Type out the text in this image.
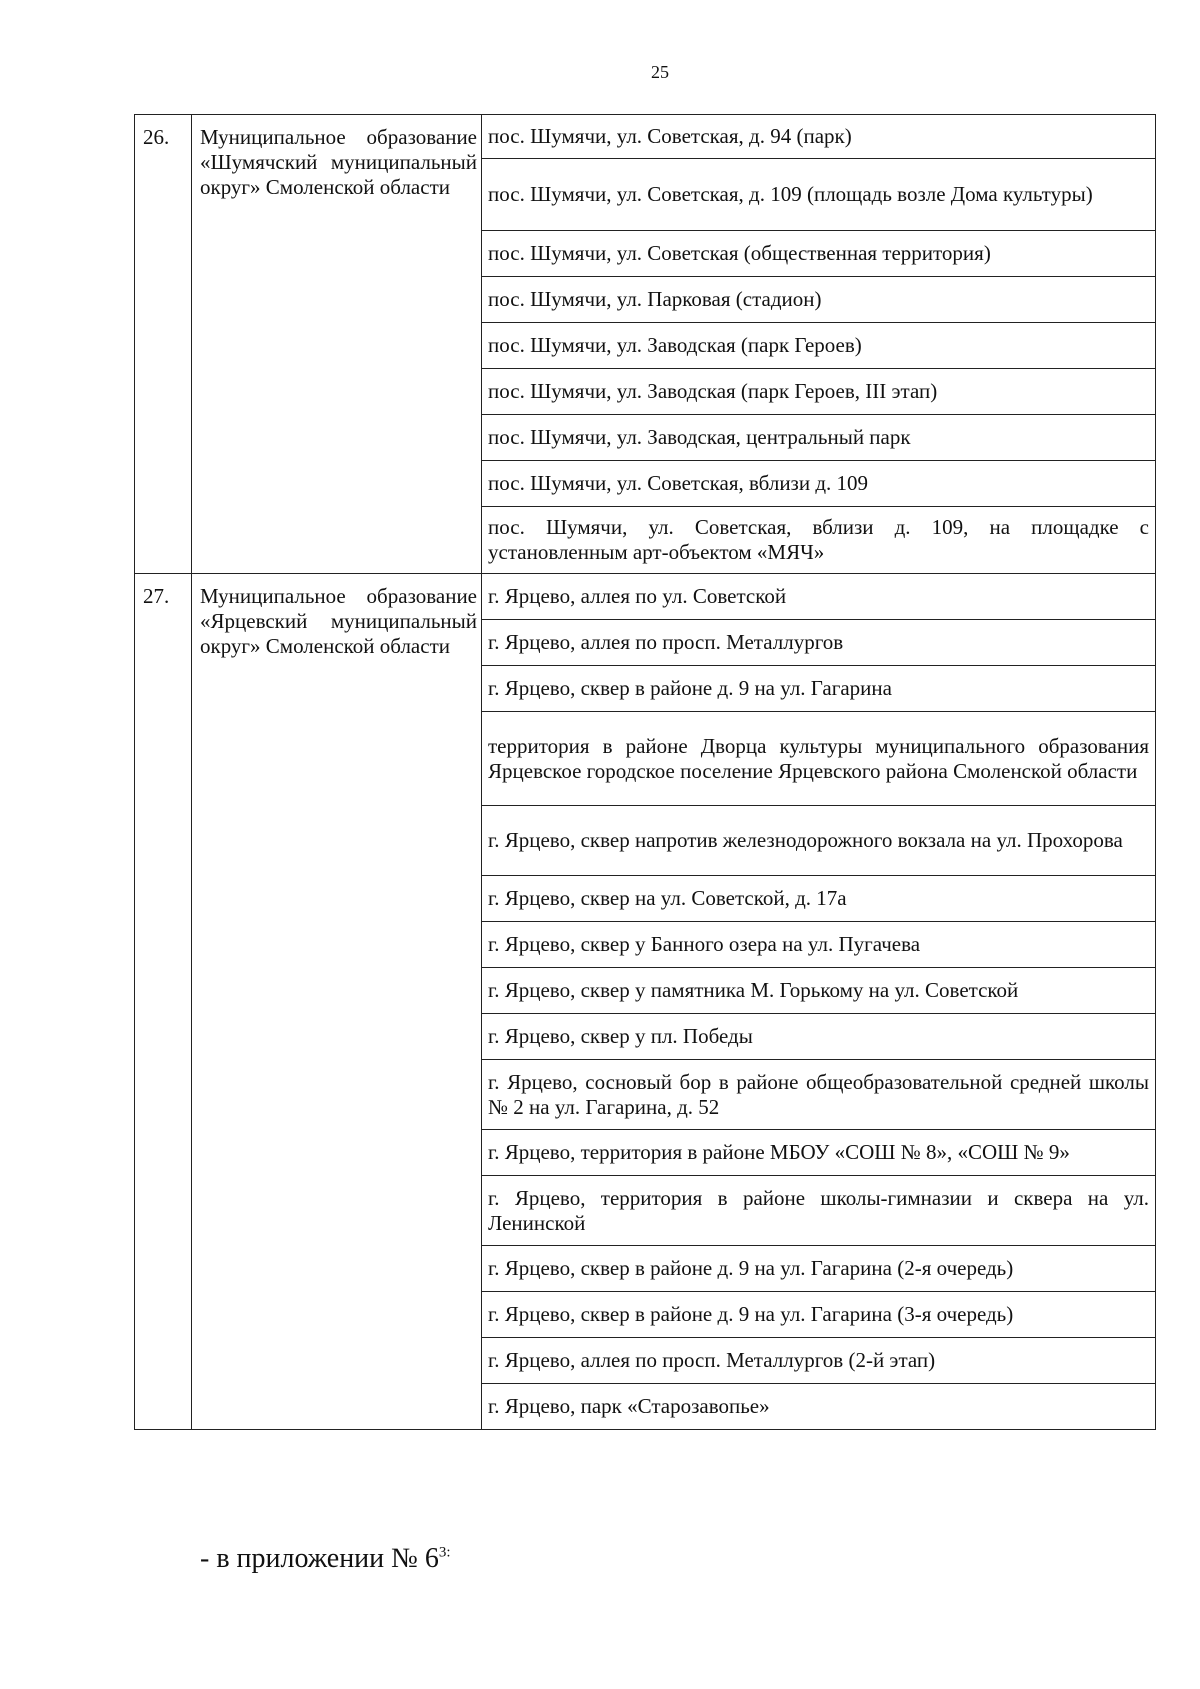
25
26.	Муниципальное образование «Шумячский муниципальный округ» Смоленской области	пос. Шумячи, ул. Советская, д. 94 (парк)
		пос. Шумячи, ул. Советская, д. 109 (площадь возле Дома культуры)
		пос. Шумячи, ул. Советская (общественная территория)
		пос. Шумячи, ул. Парковая (стадион)
		пос. Шумячи, ул. Заводская (парк Героев)
		пос. Шумячи, ул. Заводская (парк Героев, III этап)
		пос. Шумячи, ул. Заводская, центральный парк
		пос. Шумячи, ул. Советская, вблизи д. 109
		пос. Шумячи, ул. Советская, вблизи д. 109, на площадке с установленным арт-объектом «МЯЧ»
27.	Муниципальное образование «Ярцевский муниципальный округ» Смоленской области	г. Ярцево, аллея по ул. Советской
		г. Ярцево, аллея по просп. Металлургов
		г. Ярцево, сквер в районе д. 9 на ул. Гагарина
		территория в районе Дворца культуры муниципального образования Ярцевское городское поселение Ярцевского района Смоленской области
		г. Ярцево, сквер напротив железнодорожного вокзала на ул. Прохорова
		г. Ярцево, сквер на ул. Советской, д. 17а
		г. Ярцево, сквер у Банного озера на ул. Пугачева
		г. Ярцево, сквер у памятника М. Горькому на ул. Советской
		г. Ярцево, сквер у пл. Победы
		г. Ярцево, сосновый бор в районе общеобразовательной средней школы № 2 на ул. Гагарина, д. 52
		г. Ярцево, территория в районе МБОУ «СОШ № 8», «СОШ № 9»
		г. Ярцево, территория в районе школы-гимназии и сквера на ул. Ленинской
		г. Ярцево, сквер в районе д. 9 на ул. Гагарина (2-я очередь)
		г. Ярцево, сквер в районе д. 9 на ул. Гагарина (3-я очередь)
		г. Ярцево, аллея по просп. Металлургов (2-й этап)
		г. Ярцево, парк «Старозавопье»
- в приложении № $6^{3:}$
